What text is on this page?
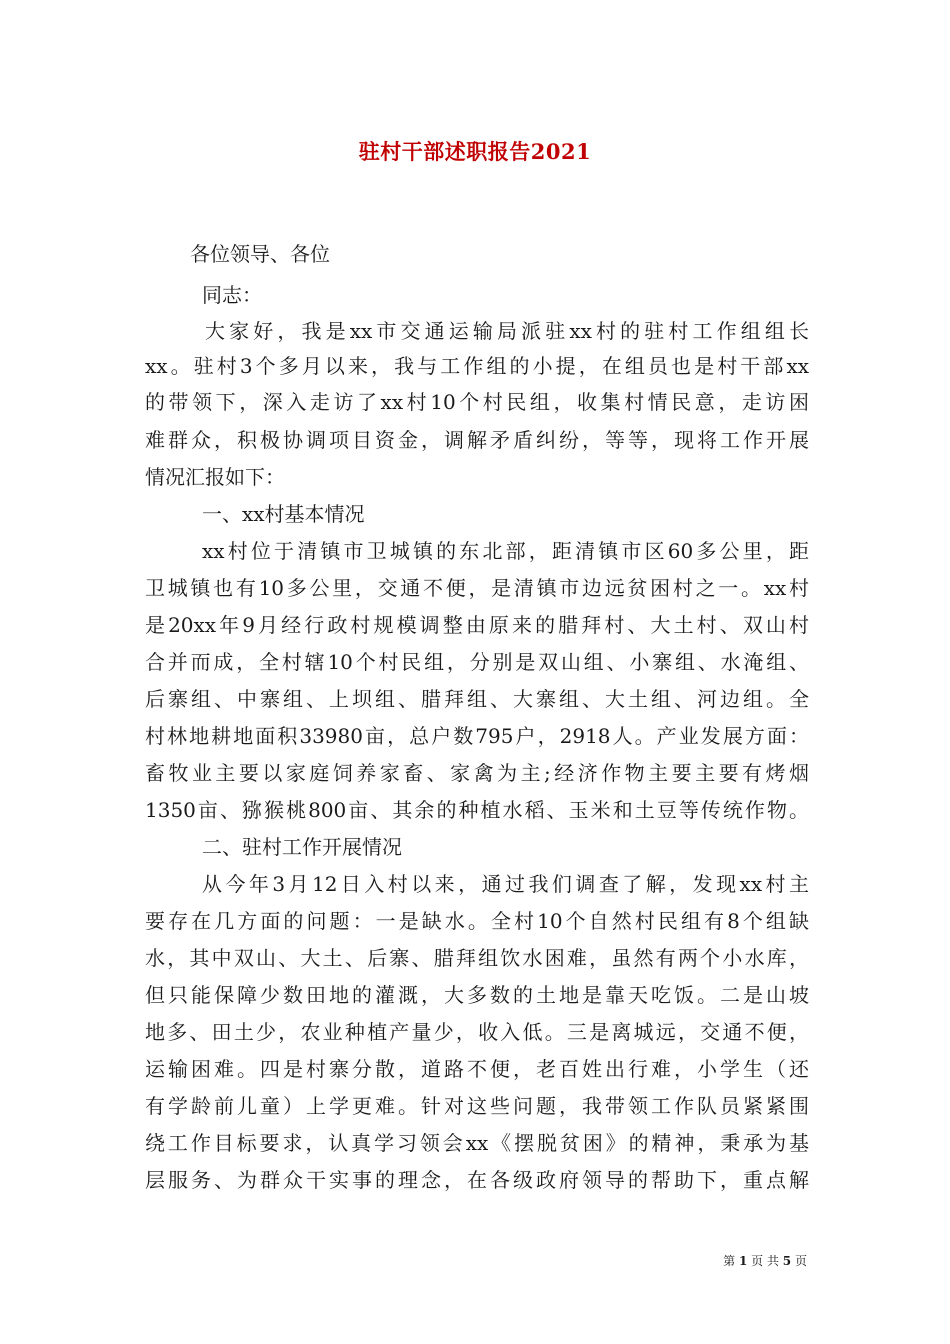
驻村干部述职报告2021
各位领导、各位
同志：
大家好，我是xx市交通运输局派驻xx村的驻村工作组组长
xx。驻村3个多月以来，我与工作组的小提，在组员也是村干部xx
的带领下，深入走访了xx村10个村民组，收集村情民意，走访困
难群众，积极协调项目资金，调解矛盾纠纷，等等，现将工作开展
情况汇报如下：
一、xx村基本情况
xx村位于清镇市卫城镇的东北部，距清镇市区60多公里，距
卫城镇也有10多公里，交通不便，是清镇市边远贫困村之一。xx村
是20xx年9月经行政村规模调整由原来的腊拜村、大土村、双山村
合并而成，全村辖10个村民组，分别是双山组、小寨组、水淹组、
后寨组、中寨组、上坝组、腊拜组、大寨组、大土组、河边组。全
村林地耕地面积33980亩，总户数795户，2918人。产业发展方面：
畜牧业主要以家庭饲养家畜、家禽为主;经济作物主要主要有烤烟
1350亩、猕猴桃800亩、其余的种植水稻、玉米和土豆等传统作物。
二、驻村工作开展情况
从今年3月12日入村以来，通过我们调查了解，发现xx村主
要存在几方面的问题：一是缺水。全村10个自然村民组有8个组缺
水，其中双山、大土、后寨、腊拜组饮水困难，虽然有两个小水库，
但只能保障少数田地的灌溉，大多数的土地是靠天吃饭。二是山坡
地多、田土少，农业种植产量少，收入低。三是离城远，交通不便，
运输困难。四是村寨分散，道路不便，老百姓出行难，小学生（还
有学龄前儿童）上学更难。针对这些问题，我带领工作队员紧紧围
绕工作目标要求，认真学习领会xx《摆脱贫困》的精神，秉承为基
层服务、为群众干实事的理念，在各级政府领导的帮助下，重点解
第 1 页 共 5 页
